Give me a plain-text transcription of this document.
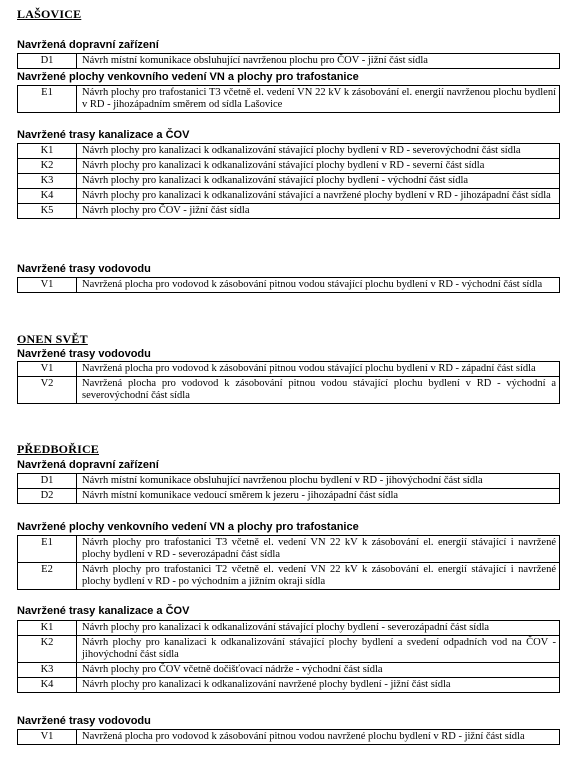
LAŠOVICE
Navržená dopravní zařízení
D1	Návrh místní komunikace obsluhující navrženou plochu pro ČOV - jižní část sídla
Navržené plochy venkovního vedení VN a plochy pro trafostanice
E1	Návrh plochy pro trafostanici T3 včetně el. vedení VN 22 kV k zásobování el. energií navrženou plochu bydlení v RD - jihozápadním směrem od sídla Lašovice
Navržené trasy kanalizace a ČOV
K1	Návrh plochy pro kanalizaci k odkanalizování stávající plochy bydlení v RD - severovýchodní část sídla
K2	Návrh plochy pro kanalizaci k odkanalizování stávající plochy bydlení v RD - severní část sídla
K3	Návrh plochy pro kanalizaci k odkanalizování stávající plochy bydlení - východní část sídla
K4	Návrh plochy pro kanalizaci k odkanalizování stávající a navržené plochy bydlení v RD - jihozápadní část sídla
K5	Návrh plochy pro ČOV - jižní část sídla
Navržené trasy vodovodu
V1	Navržená plocha pro vodovod k zásobování pitnou vodou stávající plochu bydlení v RD - východní část sídla
ONEN SVĚT
Navržené trasy vodovodu
V1	Navržená plocha pro vodovod k zásobování pitnou vodou stávající plochu bydlení v RD - západní část sídla
V2	Navržená plocha pro vodovod k zásobování pitnou vodou stávající plochu bydlení v RD - východní a severovýchodní část sídla
PŘEDBOŘICE
Navržená dopravní zařízení
D1	Návrh místní komunikace obsluhující navrženou plochu bydlení v RD - jihovýchodní část sídla
D2	Návrh místní komunikace vedoucí směrem k jezeru - jihozápadní část sídla
Navržené plochy venkovního vedení VN a plochy pro trafostanice
E1	Návrh plochy pro trafostanici T3 včetně el. vedení VN 22 kV k zásobování el. energií stávající i navržené plochy bydlení v RD - severozápadní část sídla
E2	Návrh plochy pro trafostanici T2 včetně el. vedení VN 22 kV k zásobování el. energií stávající i navržené plochy bydlení v RD - po východním a jižním okraji sídla
Navržené trasy kanalizace a ČOV
K1	Návrh plochy pro kanalizaci k odkanalizování stávající plochy bydlení - severozápadní část sídla
K2	Návrh plochy pro kanalizaci k odkanalizování stávající plochy bydlení a svedení odpadních vod na ČOV - jihovýchodní část sídla
K3	Návrh plochy pro ČOV včetně dočišťovací nádrže - východní část sídla
K4	Návrh plochy pro kanalizaci k odkanalizování navržené plochy bydlení - jižní část sídla
Navržené trasy vodovodu
V1	Navržená plocha pro vodovod k zásobování pitnou vodou navržené plochu bydlení v RD - jižní část sídla
